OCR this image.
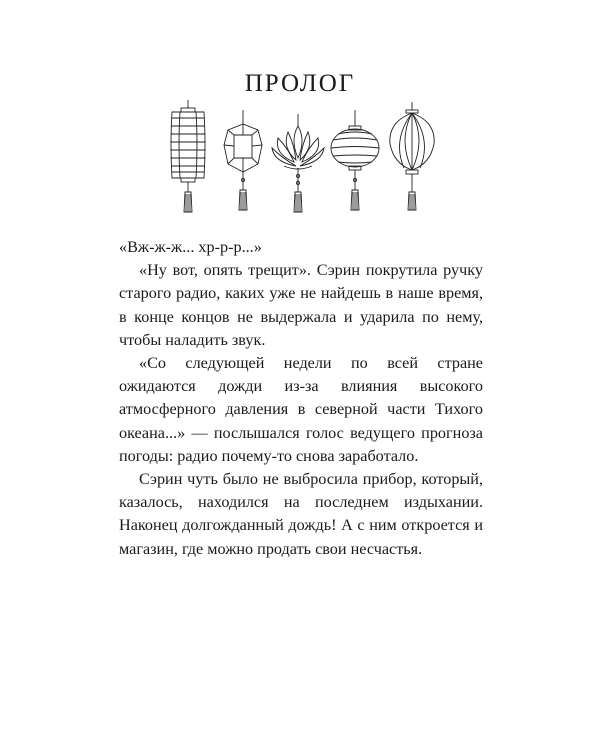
ПРОЛОГ

«Вж-ж-ж... хр-р-р...»

«Ну вот, опять трещит». Сэрин покрутила ручку старого радио, каких уже не найдешь в наше время, в конце концов не выдержала и ударила по нему, чтобы наладить звук.

«Со следующей недели по всей стране ожидаются дожди из-за влияния высокого атмосферного давления в северной части Тихого океана...» — послышался голос ведущего прогноза погоды: радио почему-то снова заработало.

Сэрин чуть было не выбросила прибор, который, казалось, находился на последнем издыхании. Наконец долгожданный дождь! А с ним откроется и магазин, где можно продать свои несчастья.
